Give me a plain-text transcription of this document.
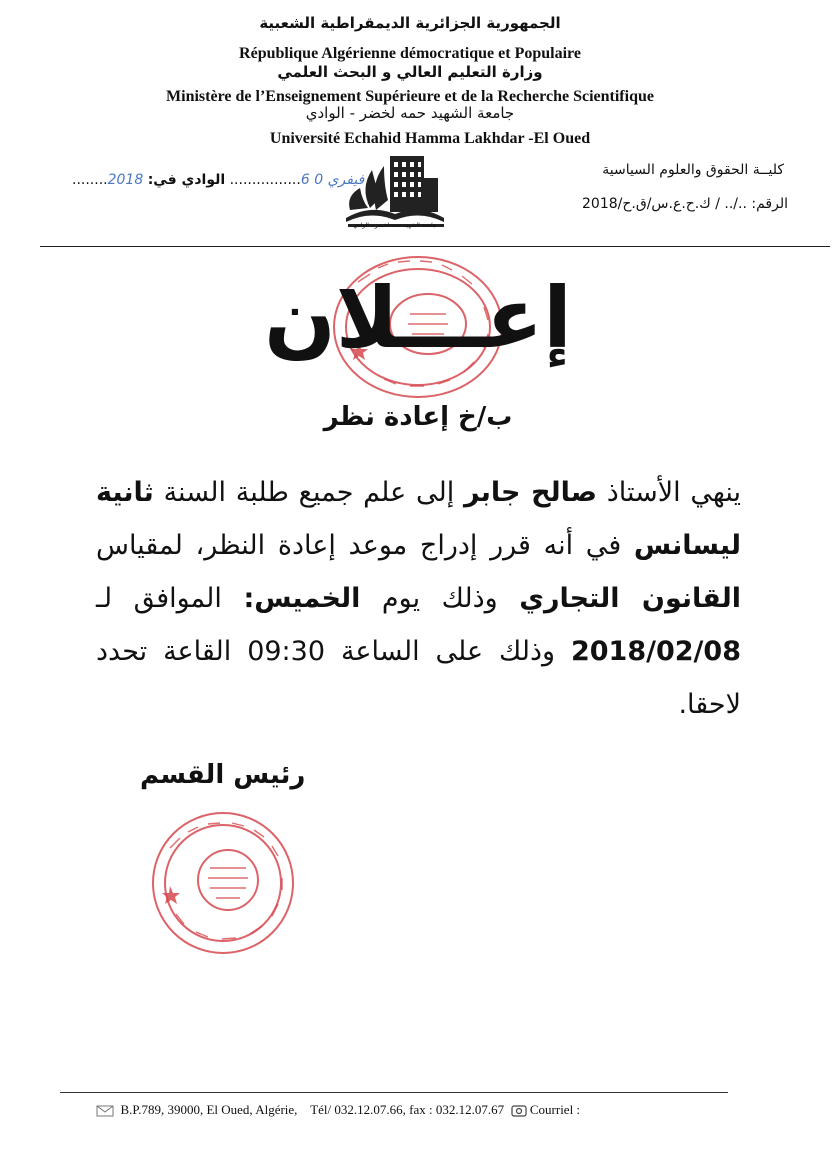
الجمهورية الجزائرية الديمقراطية الشعبية
République Algérienne démocratique et Populaire
وزارة التعليم العالي و البحث العلمي
Ministère de l’Enseignement Supérieure et de la Recherche Scientifique
جامعة الشهيد حمه لخضر - الوادي
Université Echahid Hamma Lakhdar -El Oued
كليــة الحقوق والعلوم السياسية
الرقم: ../.. / ك.ح.ع.س/ق.ح/2018
........2018 فيفري 0 6................ الوادي في:
جامعة الشهيد حمه لخضر - الوادي
إعـــلان
ب/خ إعادة نظر
ينهي الأستاذ صالح جابر إلى علم جميع طلبة السنة ثانية ليسانس في أنه قرر إدراج موعد إعادة النظر، لمقياس القانون التجاري وذلك يوم الخميس: الموافق لـ 2018/02/08 وذلك على الساعة 09:30 القاعة تحدد لاحقا.
رئيس القسم
B.P.789, 39000, El Oued, Algérie, Tél/ 032.12.07.66, fax : 032.12.07.67 Courriel :
